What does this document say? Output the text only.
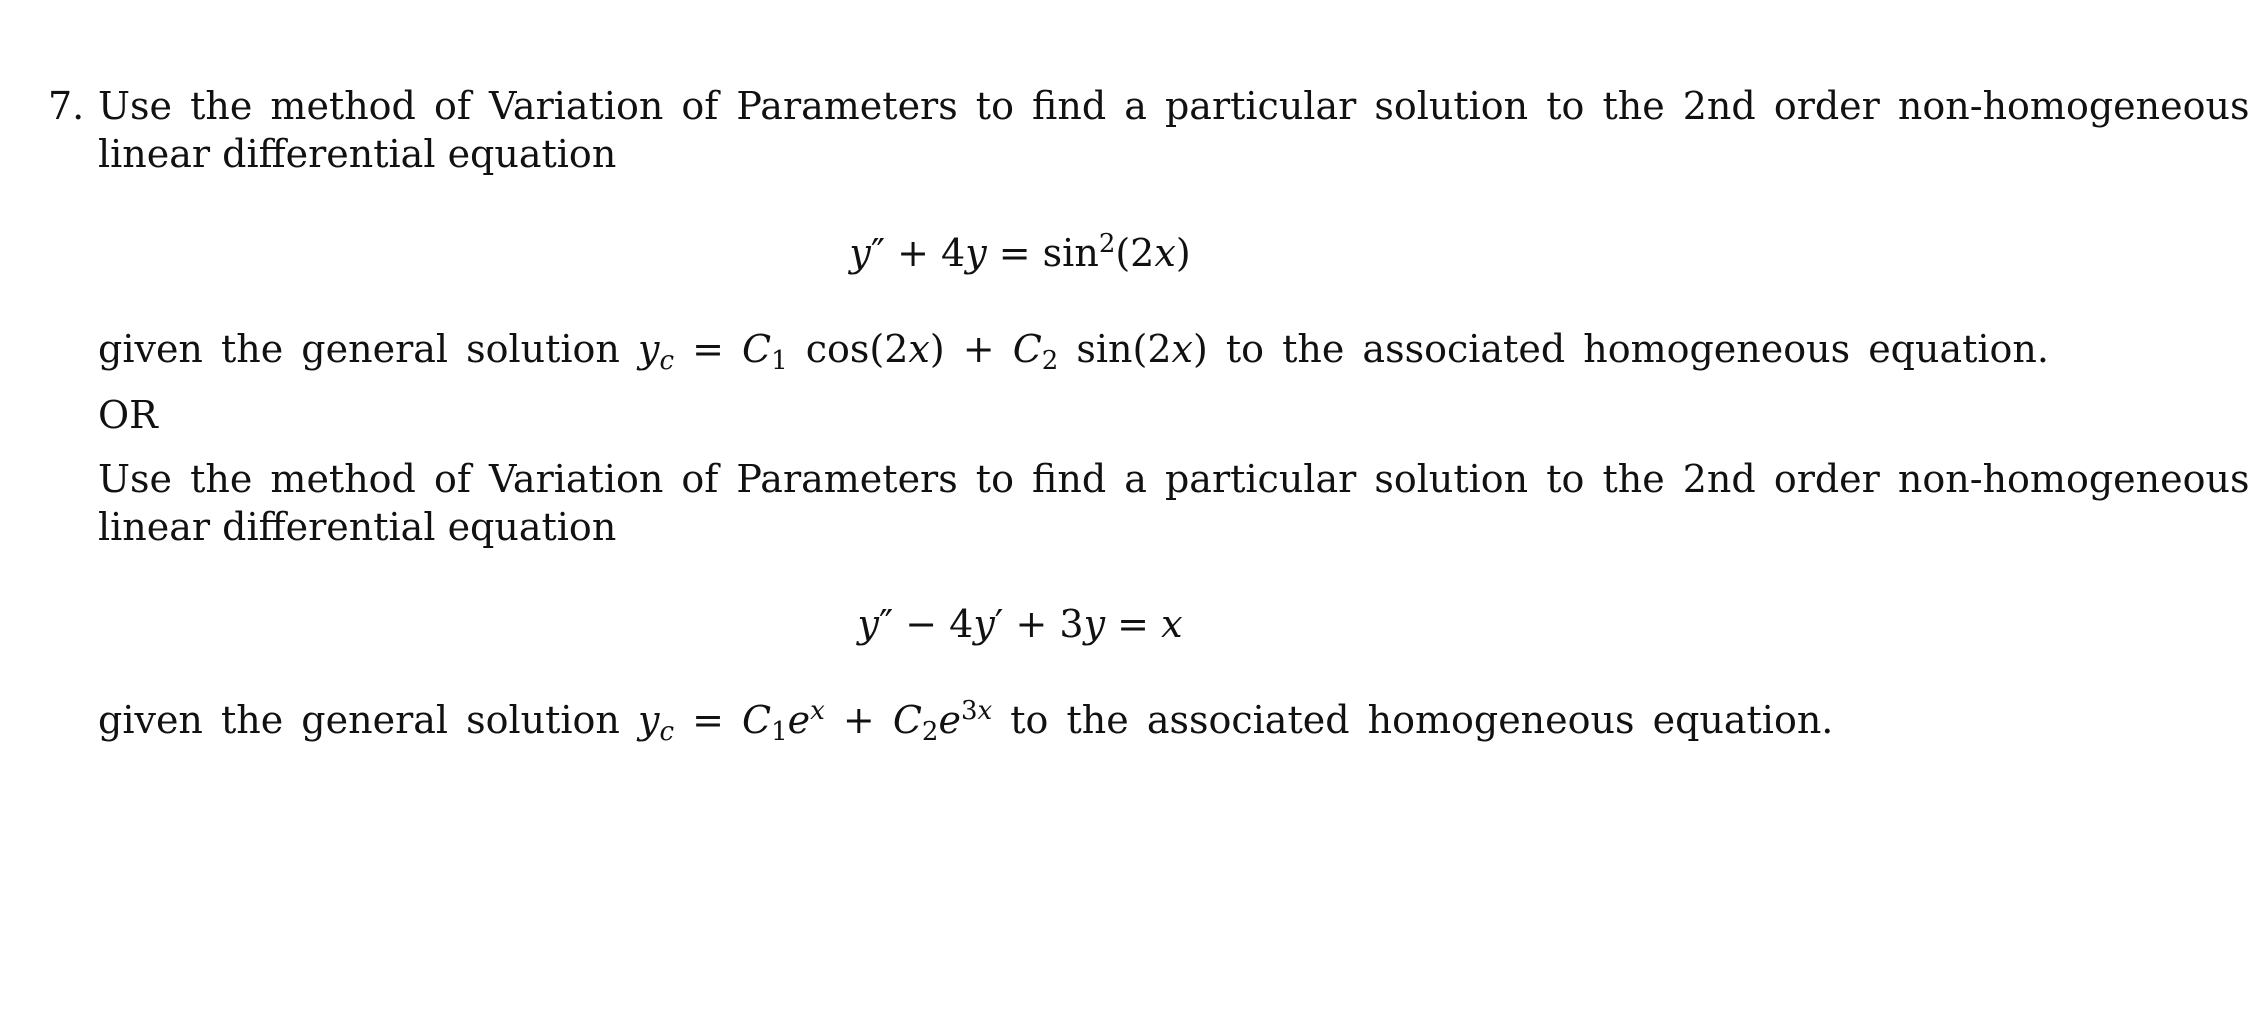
7. Use the method of Variation of Parameters to find a particular solution to the 2nd order non-homogeneous
linear differential equation
$y'' + 4y = \sin^2(2x)$
given the general solution $y_c = C_1$ $\cos(2x) + C_2$ sin(2x) to the associated homogeneous equation.
OR
Use the method of Variation of Parameters to find a particular solution to the 2nd order non-homogeneous
linear differential equation
y″ − 4y′ + 3y = x
given the general solution $y_c = C_1e^x + C_2e^{3x}$ to the associated homogeneous equation.
